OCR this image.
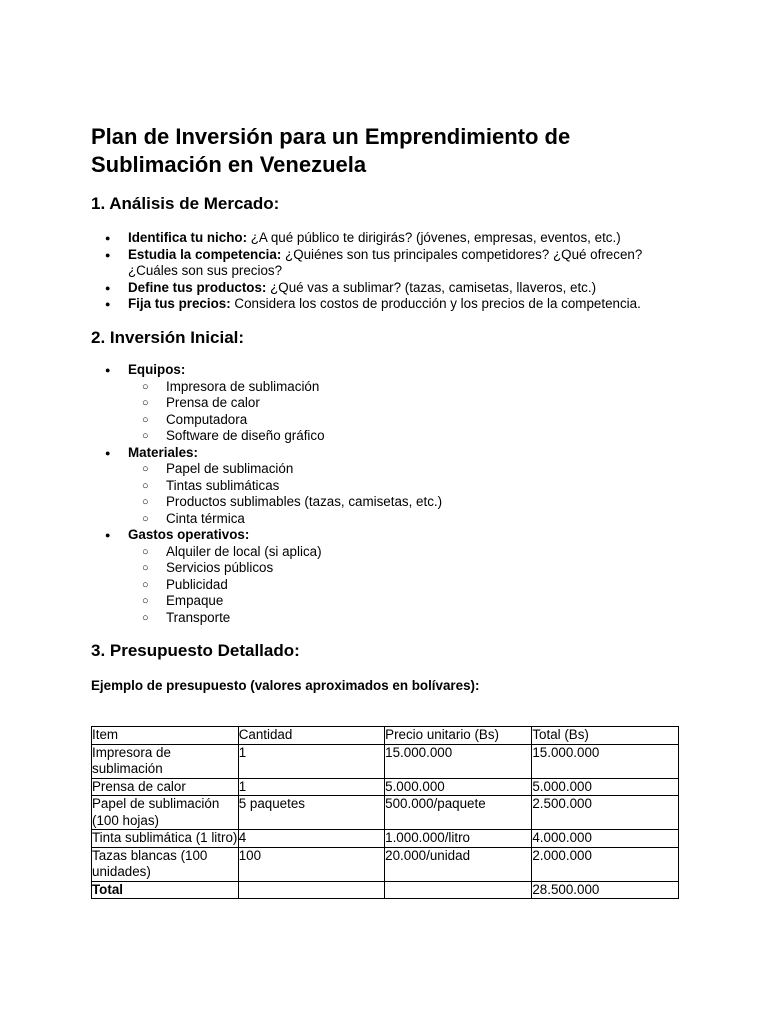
Plan de Inversión para un Emprendimiento de Sublimación en Venezuela
1. Análisis de Mercado:
● Identifica tu nicho: ¿A qué público te dirigirás? (jóvenes, empresas, eventos, etc.)
● Estudia la competencia: ¿Quiénes son tus principales competidores? ¿Qué ofrecen? ¿Cuáles son sus precios?
● Define tus productos: ¿Qué vas a sublimar? (tazas, camisetas, llaveros, etc.)
● Fija tus precios: Considera los costos de producción y los precios de la competencia.
2. Inversión Inicial:
● Equipos:
○ Impresora de sublimación
○ Prensa de calor
○ Computadora
○ Software de diseño gráfico
● Materiales:
○ Papel de sublimación
○ Tintas sublimáticas
○ Productos sublimables (tazas, camisetas, etc.)
○ Cinta térmica
● Gastos operativos:
○ Alquiler de local (si aplica)
○ Servicios públicos
○ Publicidad
○ Empaque
○ Transporte
3. Presupuesto Detallado:

Ejemplo de presupuesto (valores aproximados en bolívares):

Item	Cantidad	Precio unitario (Bs)	Total (Bs)
Impresora de sublimación	1	15.000.000	15.000.000
Prensa de calor	1	5.000.000	5.000.000
Papel de sublimación (100 hojas)	5 paquetes	500.000/paquete	2.500.000
Tinta sublimática (1 litro)	4	1.000.000/litro	4.000.000
Tazas blancas (100 unidades)	100	20.000/unidad	2.000.000
Total			28.500.000
